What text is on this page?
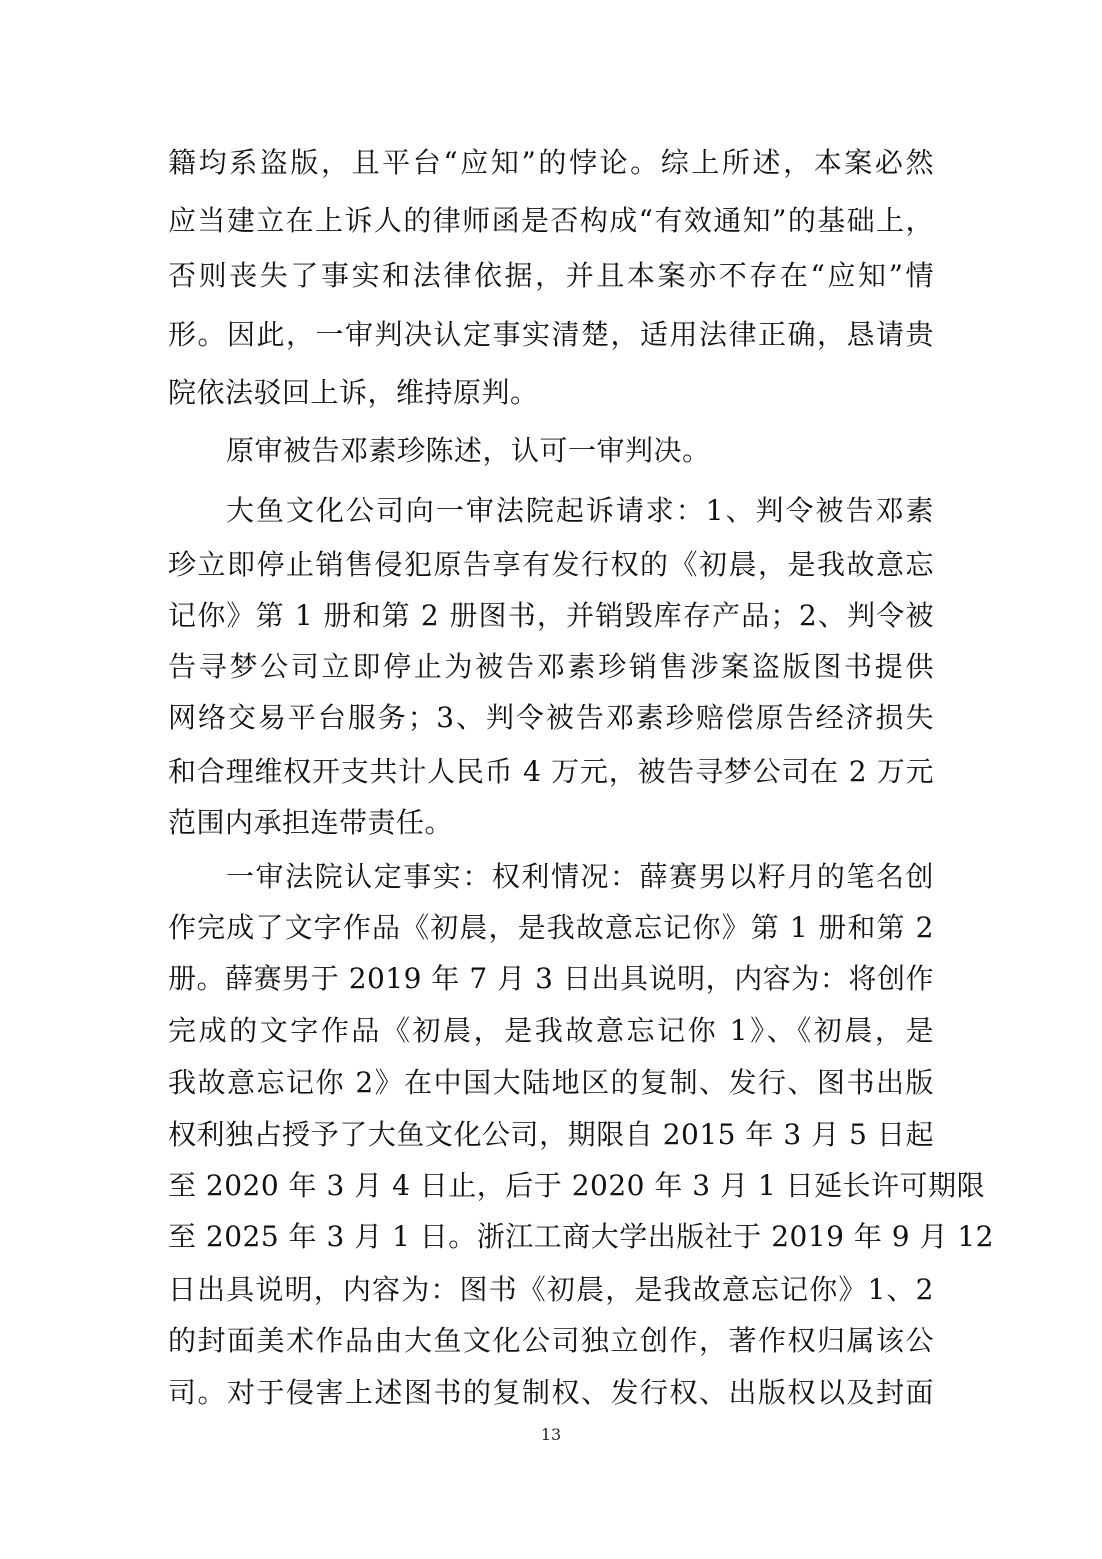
籍均系盗版，且平台“应知”的悖论。综上所述，本案必然
应当建立在上诉人的律师函是否构成“有效通知”的基础上，
否则丧失了事实和法律依据，并且本案亦不存在“应知”情
形。因此，一审判决认定事实清楚，适用法律正确，恳请贵
院依法驳回上诉，维持原判。
原审被告邓素珍陈述，认可一审判决。
大鱼文化公司向一审法院起诉请求：1、判令被告邓素
珍立即停止销售侵犯原告享有发行权的《初晨，是我故意忘
记你》第 1 册和第 2 册图书，并销毁库存产品；2、判令被
告寻梦公司立即停止为被告邓素珍销售涉案盗版图书提供
网络交易平台服务；3、判令被告邓素珍赔偿原告经济损失
和合理维权开支共计人民币 4 万元，被告寻梦公司在 2 万元
范围内承担连带责任。
一审法院认定事实：权利情况：薛赛男以籽月的笔名创
作完成了文字作品《初晨，是我故意忘记你》第 1 册和第 2
册。薛赛男于 2019 年 7 月 3 日出具说明，内容为：将创作
完成的文字作品《初晨，是我故意忘记你 1》、《初晨，是
我故意忘记你 2》在中国大陆地区的复制、发行、图书出版
权利独占授予了大鱼文化公司，期限自 2015 年 3 月 5 日起
至 2020 年 3 月 4 日止，后于 2020 年 3 月 1 日延长许可期限
至 2025 年 3 月 1 日。浙江工商大学出版社于 2019 年 9 月 12
日出具说明，内容为：图书《初晨，是我故意忘记你》1、2
的封面美术作品由大鱼文化公司独立创作，著作权归属该公
司。对于侵害上述图书的复制权、发行权、出版权以及封面
13
